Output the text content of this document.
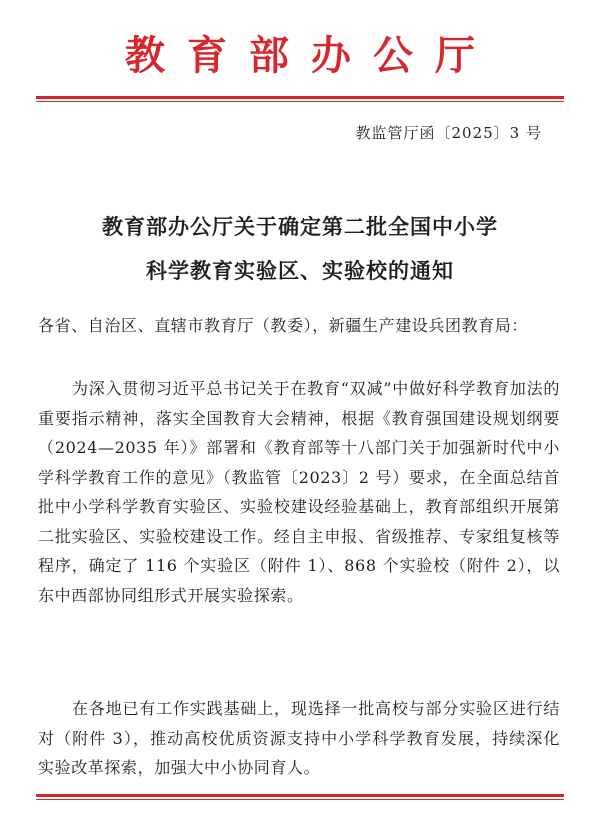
教育部办公厅
教监管厅函〔2025〕3 号
教育部办公厅关于确定第二批全国中小学
科学教育实验区、实验校的通知
各省、自治区、直辖市教育厅（教委），新疆生产建设兵团教育局：
为深入贯彻习近平总书记关于在教育“双减”中做好科学教育加法的重要指示精神，落实全国教育大会精神，根据《教育强国建设规划纲要（2024—2035 年）》部署和《教育部等十八部门关于加强新时代中小学科学教育工作的意见》（教监管〔2023〕2 号）要求，在全面总结首批中小学科学教育实验区、实验校建设经验基础上，教育部组织开展第二批实验区、实验校建设工作。经自主申报、省级推荐、专家组复核等程序，确定了 116 个实验区（附件 1）、868 个实验校（附件 2），以东中西部协同组形式开展实验探索。
在各地已有工作实践基础上，现选择一批高校与部分实验区进行结对（附件 3），推动高校优质资源支持中小学科学教育发展，持续深化实验改革探索，加强大中小协同育人。
